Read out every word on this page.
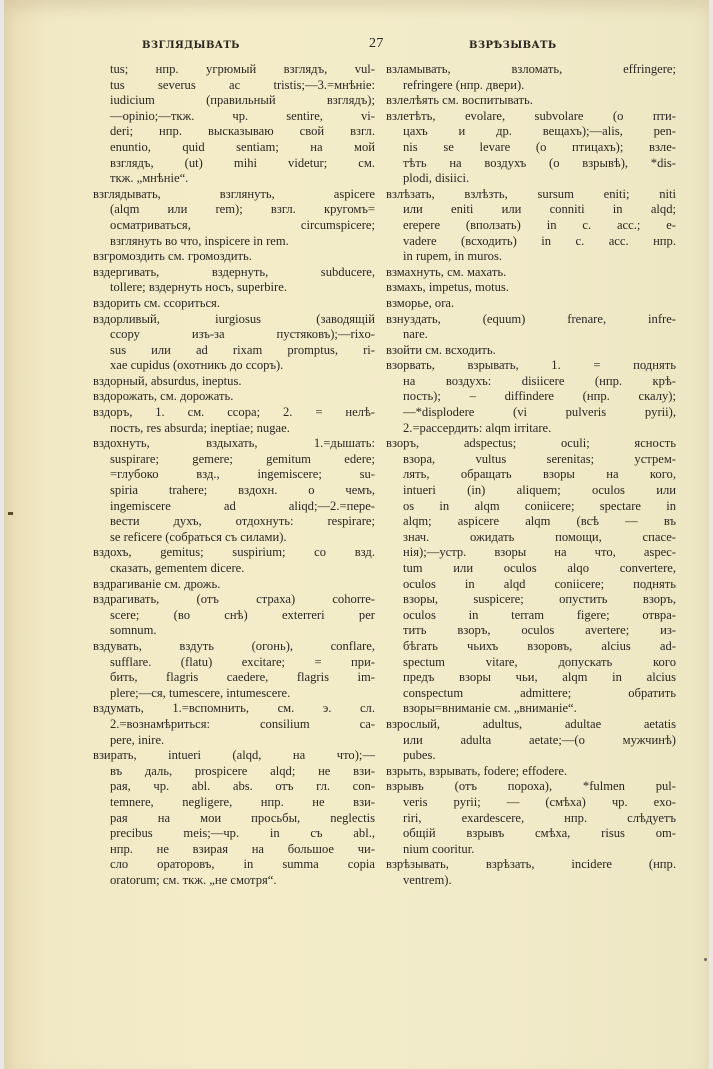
ВЗГЛЯДЫВАТЬ	27	ВЗРѢЗЫВАТЬ
tus; нпр. угрюмый взглядъ, vul-
tus severus ac tristis;—3.=мнѣніе:
iudicium (правильный взглядъ);
—opinio;—ткж. чр. sentire, vi-
deri; нпр. высказываю свой взгл.
enuntio, quid sentiam; на мой
взглядъ, (ut) mihi videtur; см.
ткж. „мнѣніе“.
взглядывать, взглянуть, aspicere
(alqm или rem); взгл. кругомъ=
осматриваться, circumspicere;
взглянуть во что, inspicere in rem.
взгромоздить см. громоздить.
вздергивать, вздернуть, subducere,
tollere; вздернуть носъ, superbire.
вздорить см. ссориться.
вздорливый, iurgiosus (заводящій
ссору изъ-за пустяковъ);—rixo-
sus или ad rixam promptus, ri-
xae cupidus (охотникъ до ссоръ).
вздорный, absurdus, ineptus.
вздорожать, см. дорожать.
вздоръ, 1. см. ссора; 2. = нелѣ-
пость, res absurda; ineptiae; nugae.
вздохнуть, вздыхать, 1.=дышать:
suspirare; gemere; gemitum edere;
=глубоко взд., ingemiscere; su-
spiria trahere; вздохн. о чемъ,
ingemiscere ad aliqd;—2.=пере-
вести духъ, отдохнуть: respirare;
se reficere (собраться съ силами).
вздохъ, gemitus; suspirium; со взд.
сказать, gementem dicere.
вздрагиваніе см. дрожь.
вздрагивать, (отъ страха) cohorre-
scere; (во снѣ) exterreri per
somnum.
вздувать, вздуть (огонь), conflare,
sufflare. (flatu) excitare; = при-
бить, flagris caedere, flagris im-
plere;—ся, tumescere, intumescere.
вздумать, 1.=вспомнить, см. э. сл.
2.=вознамѣриться: consilium ca-
pere, inire.
взирать, intueri (alqd, на что);—
въ даль, prospicere alqd; не взи-
рая, чр. abl. abs. отъ гл. con-
temnere, negligere, нпр. не взи-
рая на мои просьбы, neglectis
precibus meis;—чр. in съ abl.,
нпр. не взирая на большое чи-
сло ораторовъ, in summa copia
oratorum; см. ткж. „не смотря“.
взламывать, взломать, effringere;
refringere (нпр. двери).
взлелѣять см. воспитывать.
взлетѣть, evolare, subvolare (о пти-
цахъ и др. вещахъ);—alis, pen-
nis se levare (о птицахъ); взле-
тѣть на воздухъ (о взрывѣ), *dis-
plodi, disiici.
взлѣзать, взлѣзть, sursum eniti; niti
или eniti или conniti in alqd;
erepere (вползать) in c. acc.; e-
vadere (всходить) in c. acc. нпр.
in rupem, in muros.
взмахнуть, см. махать.
взмахъ, impetus, motus.
взморье, ora.
взнуздать, (equum) frenare, infre-
nare.
взойти см. всходить.
взорвать, взрывать, 1. = поднять
на воздухъ: disiicere (нпр. крѣ-
пость); – diffindere (нпр. скалу);
—*displodere (vi pulveris pyrii),
2.=рассердить: alqm irritare.
взоръ, adspectus; oculi; ясность
взора, vultus serenitas; устрем-
лять, обращать взоры на кого,
intueri (in) aliquem; oculos или
os in alqm coniicere; spectare in
alqm; aspicere alqm (всѣ — въ
знач. ожидать помощи, спасе-
нія);—устр. взоры на что, aspec-
tum или oculos alqo convertere,
oculos in alqd coniicere; поднять
взоры, suspicere; опустить взоръ,
oculos in terram figere; отвра-
тить взоръ, oculos avertere; из-
бѣгать чьихъ взоровъ, alcius ad-
spectum vitare, допускать кого
предъ взоры чьи, alqm in alcius
conspectum admittere; обратить
взоры=вниманіе см. „вниманіе“.
взрослый, adultus, adultae aetatis
или adulta aetate;—(о мужчинѣ)
pubes.
взрыть, взрывать, fodere; effodere.
взрывъ (отъ пороха), *fulmen pul-
veris pyrii; — (смѣха) чр. exo-
riri, exardescere, нпр. слѣдуетъ
общій взрывъ смѣха, risus om-
nium cooritur.
взрѣзывать, взрѣзать, incidere (нпр.
ventrem).
